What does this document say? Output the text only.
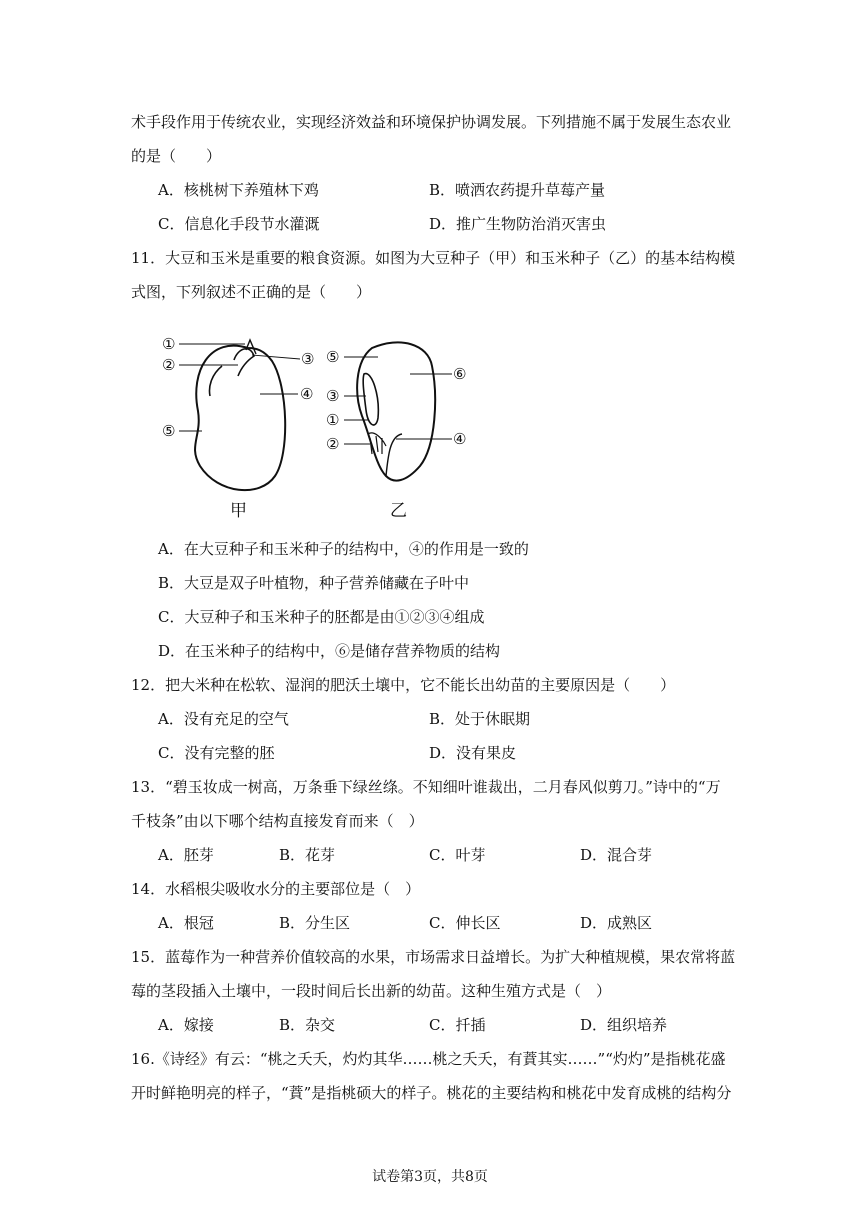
术手段作用于传统农业，实现经济效益和环境保护协调发展。下列措施不属于发展生态农业
的是（　　）
A．核桃树下养殖林下鸡	B．喷洒农药提升草莓产量
C．信息化手段节水灌溉	D．推广生物防治消灭害虫
11．大豆和玉米是重要的粮食资源。如图为大豆种子（甲）和玉米种子（乙）的基本结构模
式图，下列叙述不正确的是（　　）
①
②	③
④
⑤
甲
⑤
⑥
③
①
②	④
乙
A．在大豆种子和玉米种子的结构中，④的作用是一致的
B．大豆是双子叶植物，种子营养储藏在子叶中
C．大豆种子和玉米种子的胚都是由①②③④组成
D．在玉米种子的结构中，⑥是储存营养物质的结构
12．把大米种在松软、湿润的肥沃土壤中，它不能长出幼苗的主要原因是（　　）
A．没有充足的空气	B．处于休眠期
C．没有完整的胚	D．没有果皮
13．“碧玉妆成一树高，万条垂下绿丝绦。不知细叶谁裁出，二月春风似剪刀。”诗中的“万
千枝条”由以下哪个结构直接发育而来（　）
A．胚芽	B．花芽	C．叶芽	D．混合芽
14．水稻根尖吸收水分的主要部位是（　）
A．根冠	B．分生区	C．伸长区	D．成熟区
15．蓝莓作为一种营养价值较高的水果，市场需求日益增长。为扩大种植规模，果农常将蓝
莓的茎段插入土壤中，一段时间后长出新的幼苗。这种生殖方式是（　）
A．嫁接	B．杂交	C．扦插	D．组织培养
16.《诗经》有云：“桃之夭夭，灼灼其华……桃之夭夭，有蕡其实……”“灼灼”是指桃花盛
开时鲜艳明亮的样子，“蕡”是指桃硕大的样子。桃花的主要结构和桃花中发育成桃的结构分
试卷第3页，共8页
